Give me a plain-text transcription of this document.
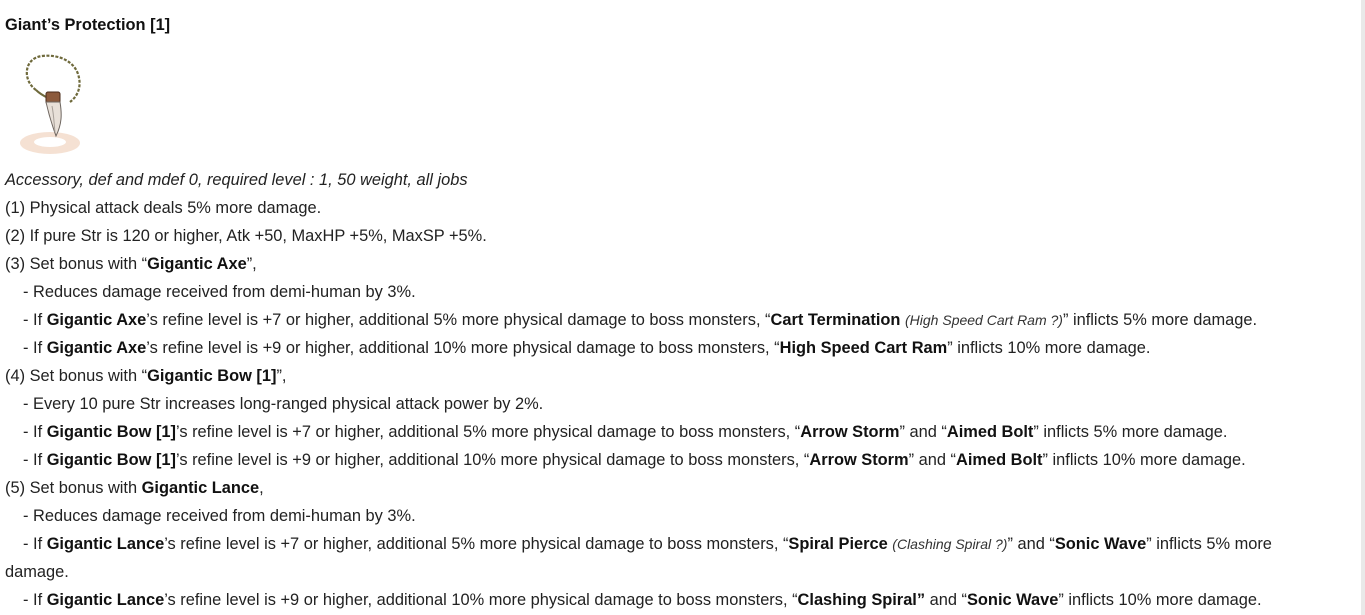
Giant’s Protection [1]
Accessory, def and mdef 0, required level : 1, 50 weight, all jobs
(1) Physical attack deals 5% more damage.
(2) If pure Str is 120 or higher, Atk +50, MaxHP +5%, MaxSP +5%.
(3) Set bonus with “Gigantic Axe”,
- Reduces damage received from demi-human by 3%.
- If Gigantic Axe’s refine level is +7 or higher, additional 5% more physical damage to boss monsters, “Cart Termination (High Speed Cart Ram ?)” inflicts 5% more damage.
- If Gigantic Axe’s refine level is +9 or higher, additional 10% more physical damage to boss monsters, “High Speed Cart Ram” inflicts 10% more damage.
(4) Set bonus with “Gigantic Bow [1]”,
- Every 10 pure Str increases long-ranged physical attack power by 2%.
- If Gigantic Bow [1]’s refine level is +7 or higher, additional 5% more physical damage to boss monsters, “Arrow Storm” and “Aimed Bolt” inflicts 5% more damage.
- If Gigantic Bow [1]’s refine level is +9 or higher, additional 10% more physical damage to boss monsters, “Arrow Storm” and “Aimed Bolt” inflicts 10% more damage.
(5) Set bonus with Gigantic Lance,
- Reduces damage received from demi-human by 3%.
- If Gigantic Lance’s refine level is +7 or higher, additional 5% more physical damage to boss monsters, “Spiral Pierce (Clashing Spiral ?)” and “Sonic Wave” inflicts 5% more
damage.
- If Gigantic Lance’s refine level is +9 or higher, additional 10% more physical damage to boss monsters, “Clashing Spiral” and “Sonic Wave” inflicts 10% more damage.
